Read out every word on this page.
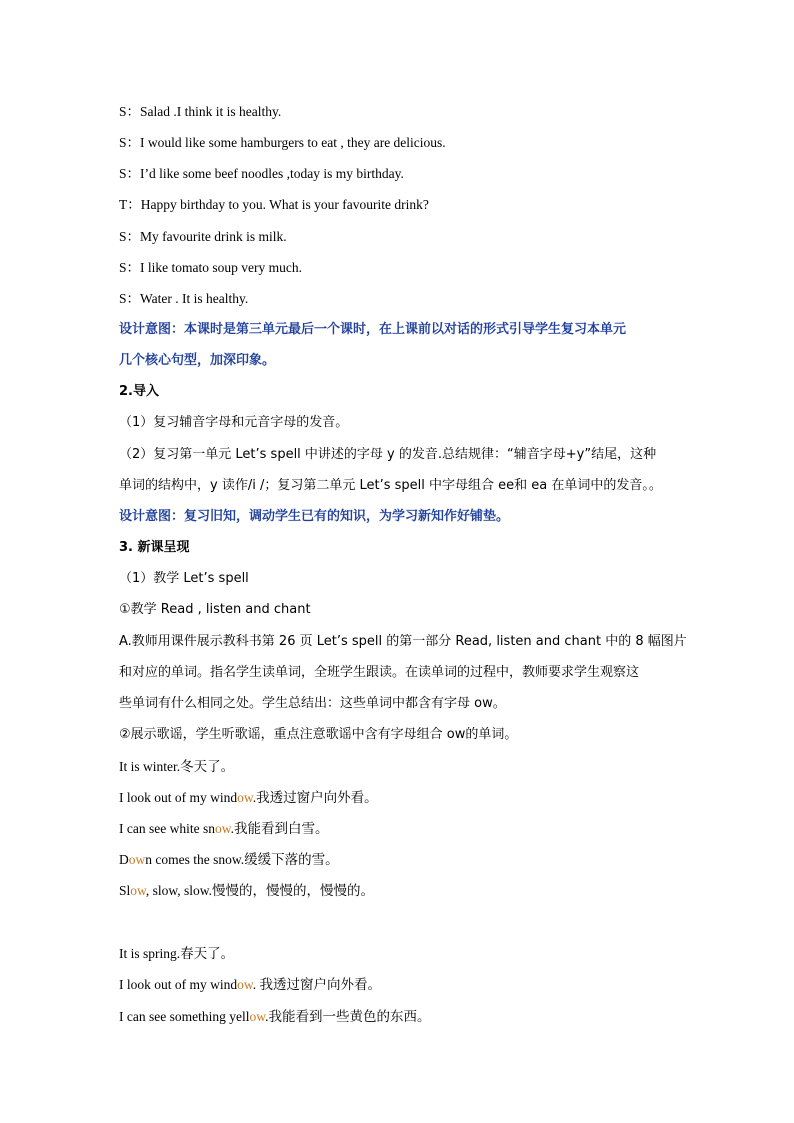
S：Salad .I think it is healthy.
S：I would like some hamburgers to eat , they are delicious.
S：I’d like some beef noodles ,today is my birthday.
T：Happy birthday to you. What is your favourite drink?
S：My favourite drink is milk.
S：I like tomato soup very much.
S：Water . It is healthy.
设计意图：本课时是第三单元最后一个课时，在上课前以对话的形式引导学生复习本单元
几个核心句型，加深印象。
2.导入
（1）复习辅音字母和元音字母的发音。
（2）复习第一单元 Let’s spell 中讲述的字母 y 的发音.总结规律：“辅音字母+y”结尾，这种
单词的结构中，y 读作/i /；复习第二单元 Let’s spell 中字母组合 ee和 ea 在单词中的发音。。
设计意图：复习旧知，调动学生已有的知识，为学习新知作好铺垫。
3. 新课呈现
（1）教学 Let’s spell
①教学 Read , listen and chant
A.教师用课件展示教科书第 26 页 Let’s spell 的第一部分 Read, listen and chant 中的 8 幅图片
和对应的单词。指名学生读单词，全班学生跟读。在读单词的过程中，教师要求学生观察这
些单词有什么相同之处。学生总结出：这些单词中都含有字母 ow。
②展示歌谣，学生听歌谣，重点注意歌谣中含有字母组合 ow的单词。
It is winter.冬天了。
I look out of my window.我透过窗户向外看。
I can see white snow.我能看到白雪。
Down comes the snow.缓缓下落的雪。
Slow, slow, slow.慢慢的，慢慢的，慢慢的。
It is spring.春天了。
I look out of my window. 我透过窗户向外看。
I can see something yellow.我能看到一些黄色的东西。
